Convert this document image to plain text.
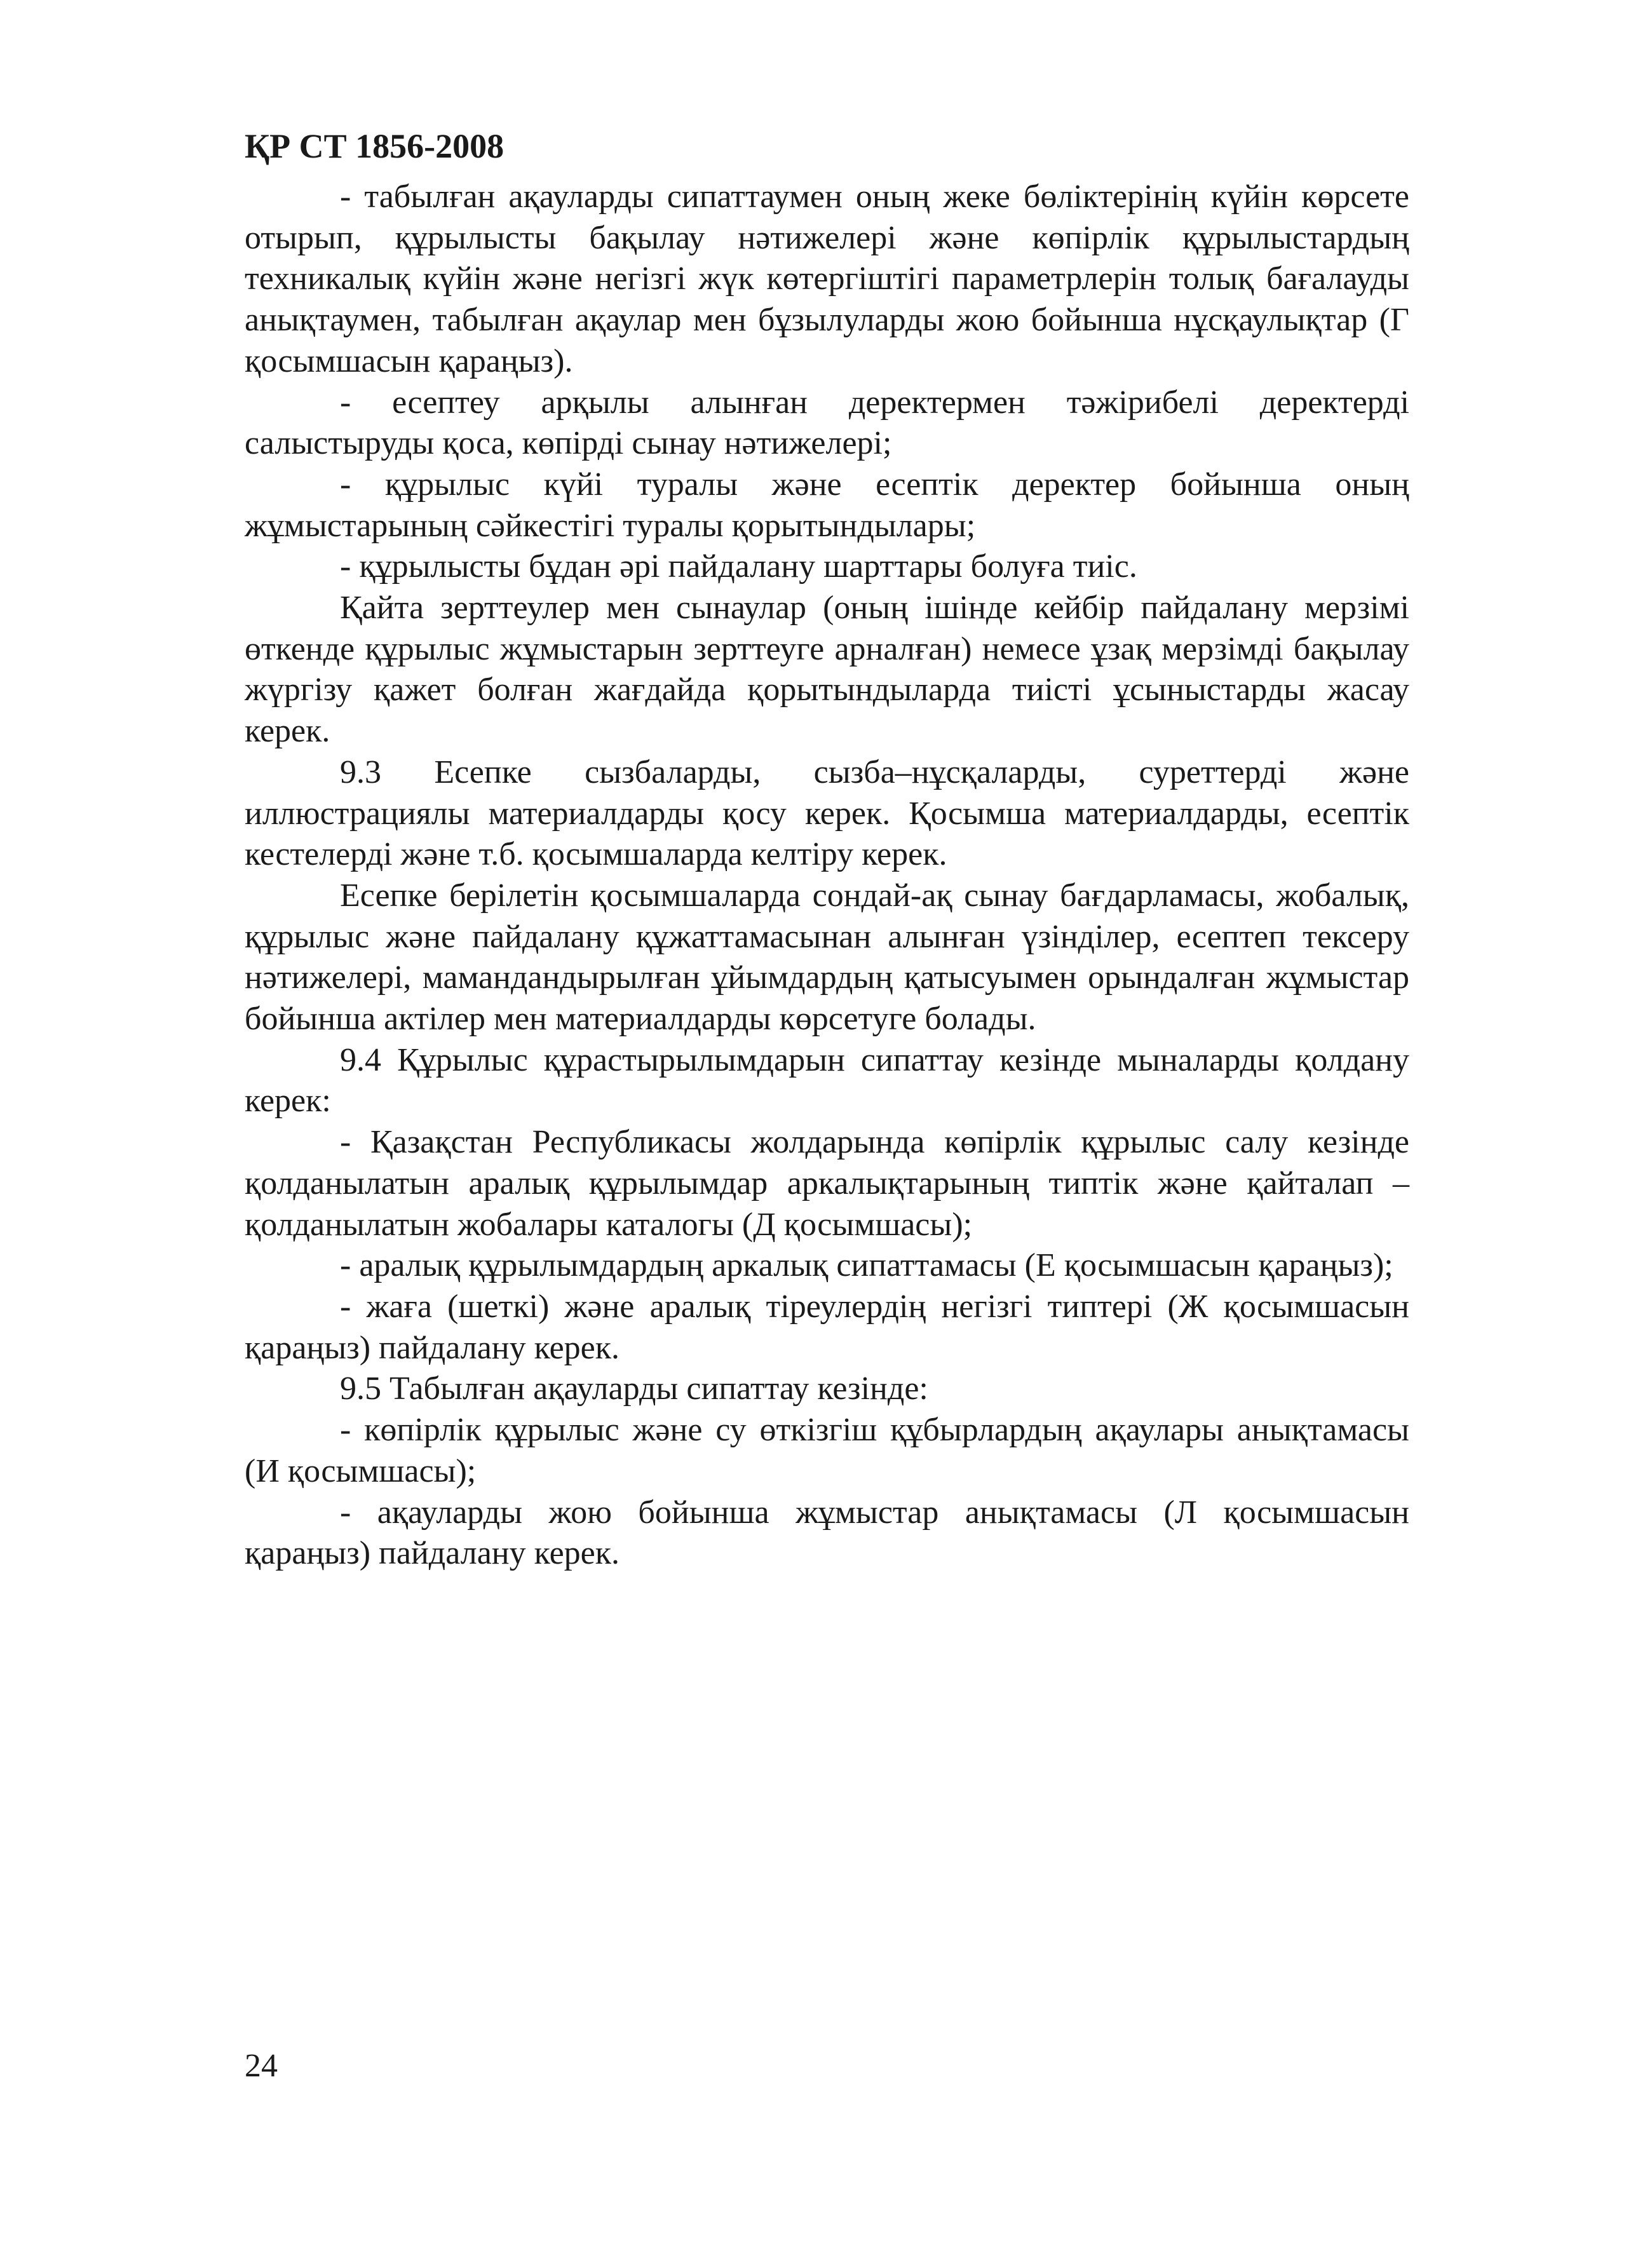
ҚР СТ 1856-2008

- табылған ақауларды сипаттаумен оның жеке бөліктерінің күйін көрсете отырып, құрылысты бақылау нәтижелері және көпірлік құрылыстардың техникалық күйін және негізгі жүк көтергіштігі параметрлерін толық бағалауды анықтаумен, табылған ақаулар мен бұзылуларды жою бойынша нұсқаулықтар (Г қосымшасын қараңыз).

- есептеу арқылы алынған деректермен тәжірибелі деректерді салыстыруды қоса, көпірді сынау нәтижелері;

- құрылыс күйі туралы және есептік деректер бойынша оның жұмыстарының сәйкестігі туралы қорытындылары;

- құрылысты бұдан әрі пайдалану шарттары болуға тиіс.

Қайта зерттеулер мен сынаулар (оның ішінде кейбір пайдалану мерзімі өткенде құрылыс жұмыстарын зерттеуге арналған) немесе ұзақ мерзімді бақылау жүргізу қажет болған жағдайда қорытындыларда тиісті ұсыныстарды жасау керек.

9.3 Есепке сызбаларды, сызба–нұсқаларды, суреттерді және иллюстрациялы материалдарды қосу керек. Қосымша материалдарды, есептік кестелерді және т.б. қосымшаларда келтіру керек.

Есепке берілетін қосымшаларда сондай-ақ сынау бағдарламасы, жобалық, құрылыс және пайдалану құжаттамасынан алынған үзінділер, есептеп тексеру нәтижелері, мамандандырылған ұйымдардың қатысуымен орындалған жұмыстар бойынша актілер мен материалдарды көрсетуге болады.

9.4 Құрылыс құрастырылымдарын сипаттау кезінде мыналарды қолдану керек:

- Қазақстан Республикасы жолдарында көпірлік құрылыс салу кезінде қолданылатын аралық құрылымдар аркалықтарының типтік және қайталап – қолданылатын жобалары каталогы (Д қосымшасы);

- аралық құрылымдардың аркалық сипаттамасы (Е қосымшасын қараңыз);

- жаға (шеткі) және аралық тіреулердің негізгі типтері (Ж қосымшасын қараңыз) пайдалану керек.

9.5 Табылған ақауларды сипаттау кезінде:

- көпірлік құрылыс және су өткізгіш құбырлардың ақаулары анықтамасы (И қосымшасы);

- ақауларды жою бойынша жұмыстар анықтамасы (Л қосымшасын қараңыз) пайдалану керек.

24
